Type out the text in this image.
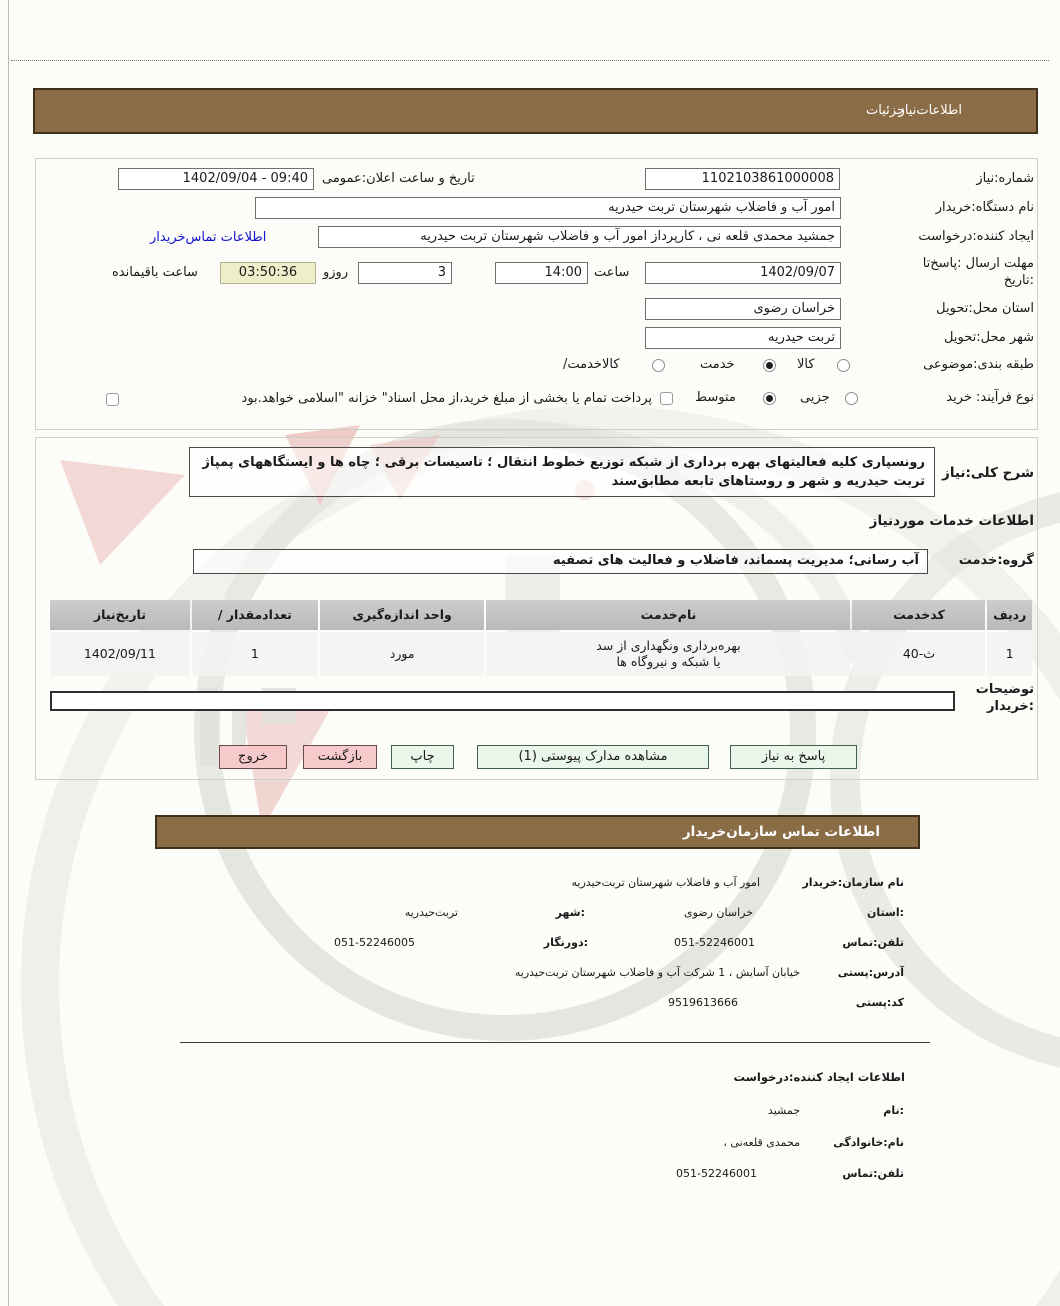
اطلاعات‌نیاز
جزئیات
شماره:نیاز
1102103861000008
تاریخ و ساعت اعلان:عمومی
09:40 - 1402/09/04
نام دستگاه:خریدار
امور آب و فاضلاب شهرستان تربت حیدریه
ایجاد کننده:درخواست
جمشید محمدی قلعه نی ، کارپرداز امور آب و فاضلاب شهرستان تربت حیدریه
اطلاعات تماس‌خریدار
مهلت ارسال :پاسخ‌تا
:تاریخ
1402/09/07
ساعت
14:00
3
روزو
03:50:36
ساعت باقیمانده
استان محل:تحویل
خراسان رضوی
شهر محل:تحویل
تربت حیدریه
طبقه بندی:موضوعی
کالا
خدمت
کالاخدمت/
نوع فرآیند: خرید
جزیی
متوسط
پرداخت تمام یا بخشی از مبلغ خرید،از محل اسناد" خزانه "اسلامی خواهد.بود
شرح کلی:نیاز
رونسپاری کلیه فعالیتهای بهره برداری از شبکه توزیع خطوط انتقال ؛ تاسیسات برقی ؛ چاه ها و ایستگاههای پمپاژ تربت حیدریه و شهر و روستاهای تابعه مطابق‌سند
اطلاعات خدمات موردنیاز
گروه:خدمت
آب رسانی؛ مدیریت پسماند، فاضلاب و فعالیت های تصفیه
ردیف
کدخدمت
نام‌خدمت
واحد اندازه‌گیری
تعدادمقدار /
تاریخ‌نیاز
1
ث-40
بهره‌برداری ونگهداری از سد
یا شبکه و نیروگاه ها
مورد
1
1402/09/11
توضیحات
:خریدار
پاسخ به نیاز
مشاهده مدارک پیوستی (1)
چاپ
بازگشت
خروج
اطلاعات تماس سازمان‌خریدار
نام سازمان:خریدار
امور آب و فاضلاب شهرستان تربت‌حیدریه
:استان
خراسان رضوی
:شهر
تربت‌حیدریه
تلفن:تماس
051-52246001
:دورنگار
051-52246005
آدرس:پستی
خیابان آسایش ، 1 شرکت آب و فاضلاب شهرستان تربت‌حیدریه
کد:پستی
9519613666
اطلاعات ایجاد کننده:درخواست
:نام
جمشید
نام:خانوادگی
محمدی قلعه‌نی ،
تلفن:تماس
051-52246001
